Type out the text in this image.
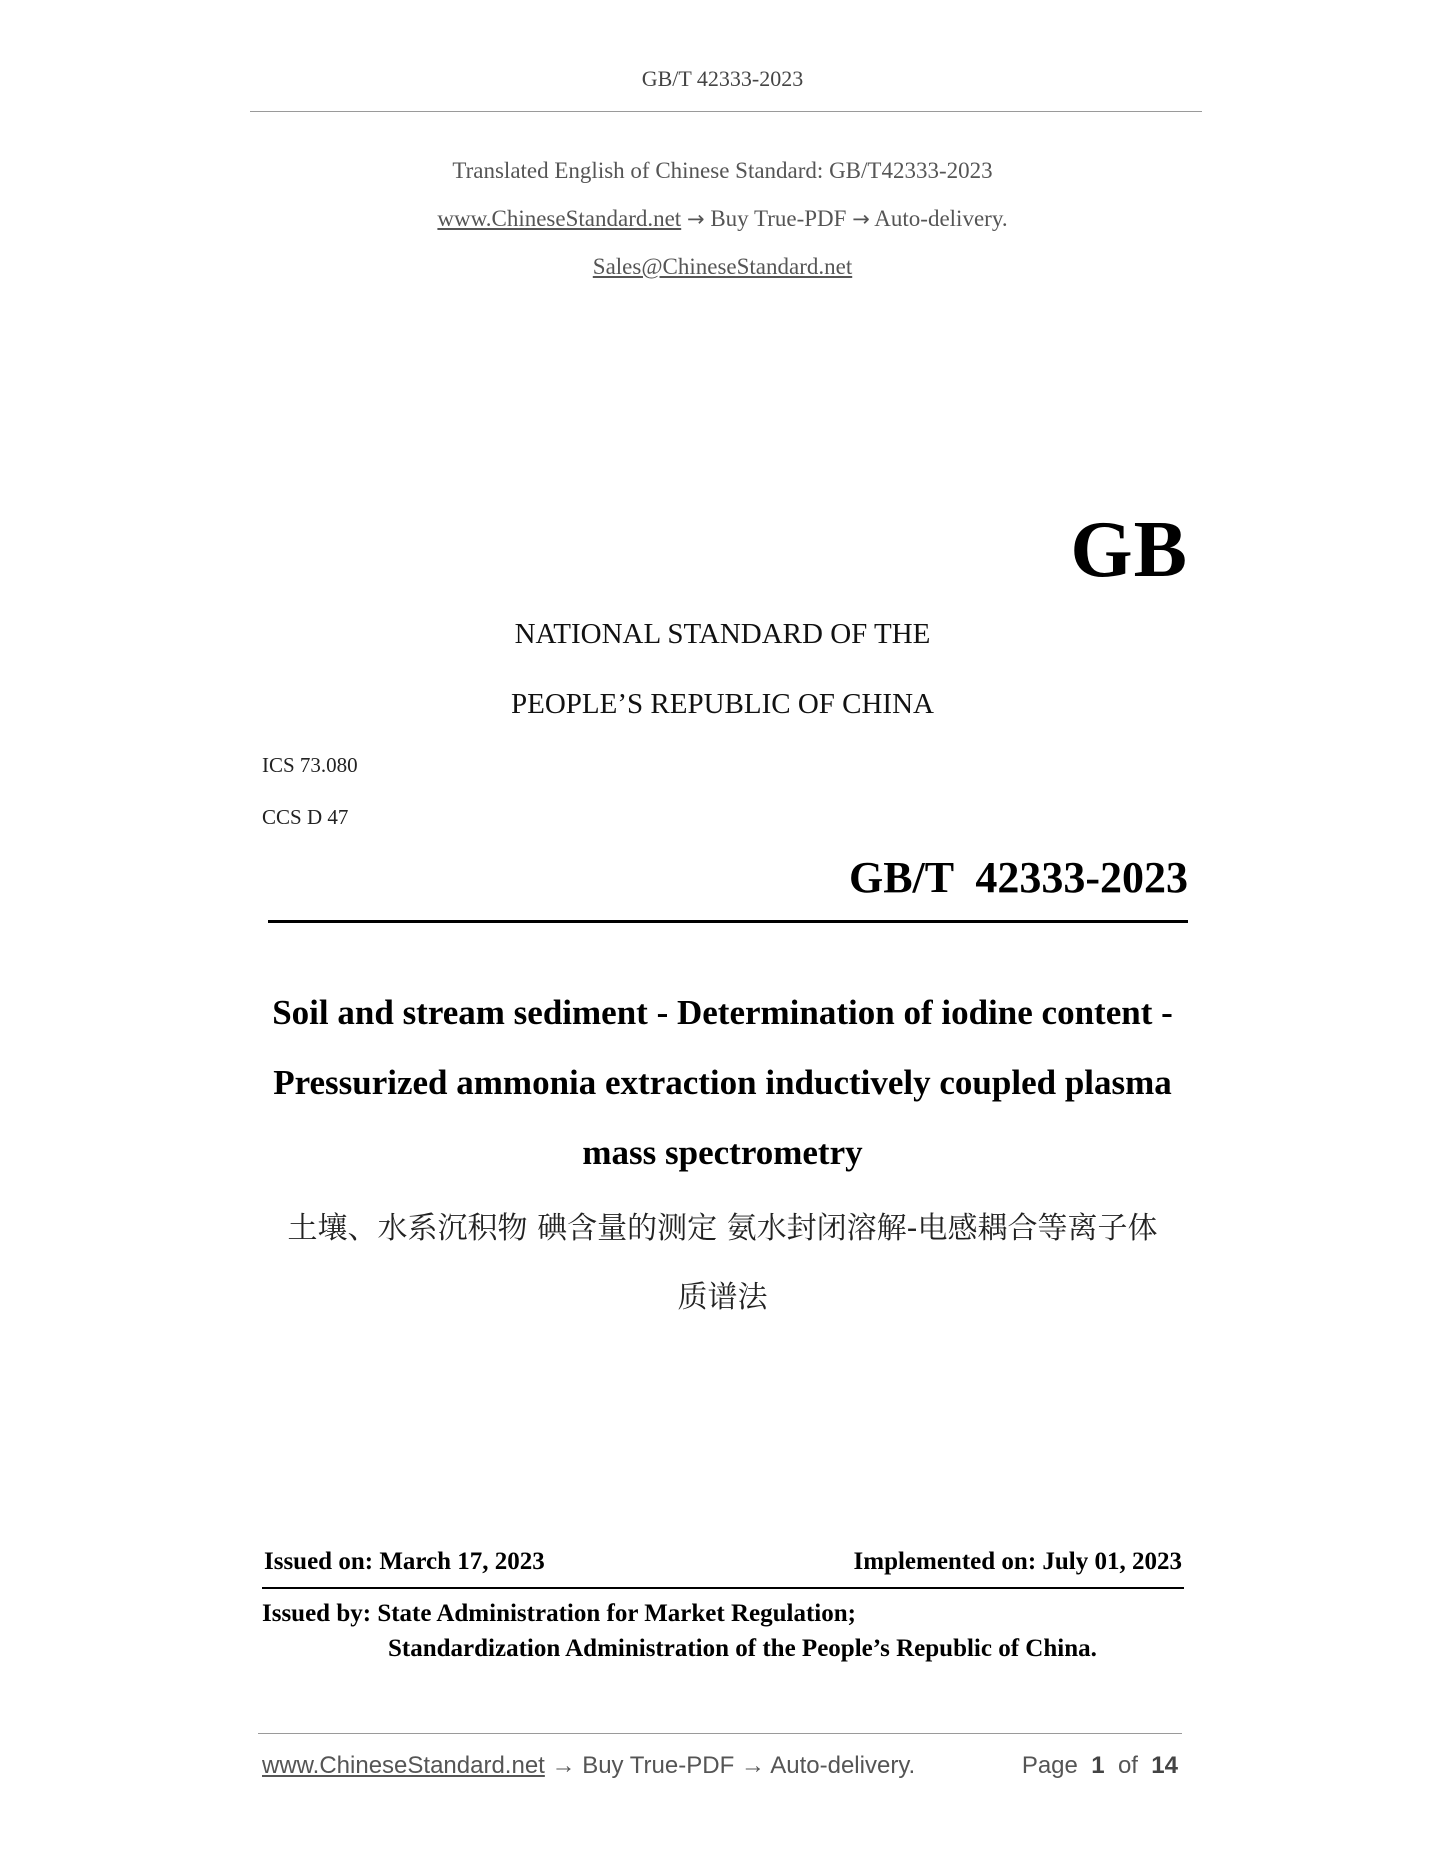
GB/T 42333-2023
Translated English of Chinese Standard: GB/T42333-2023
www.ChineseStandard.net → Buy True-PDF → Auto-delivery.
Sales@ChineseStandard.net
GB
NATIONAL STANDARD OF THE
PEOPLE’S REPUBLIC OF CHINA
ICS 73.080
CCS D 47
GB/T  42333-2023
Soil and stream sediment - Determination of iodine content -
Pressurized ammonia extraction inductively coupled plasma
mass spectrometry
土壤、水系沉积物 碘含量的测定 氨水封闭溶解-电感耦合等离子体
质谱法
Issued on: March 17, 2023	Implemented on: July 01, 2023
Issued by: State Administration for Market Regulation;
Standardization Administration of the People’s Republic of China.
www.ChineseStandard.net → Buy True-PDF → Auto-delivery.	Page 1 of 14
